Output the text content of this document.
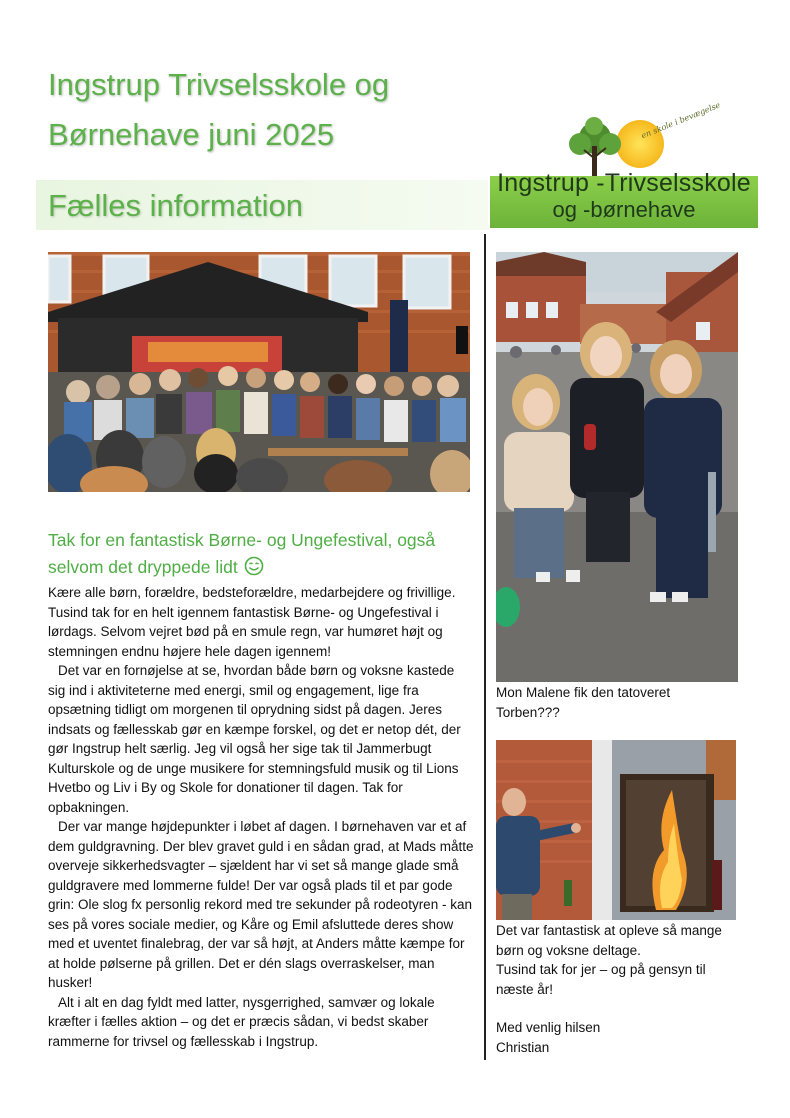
Ingstrup Trivselsskole og
Børnehave juni 2025
Fælles information
en skole i bevægelse
Ingstrup -Trivselsskole
og -børnehave
Tak for en fantastisk Børne- og Ungefestival, også selvom det dryppede lidt

Kære alle børn, forældre, bedsteforældre, medarbejdere og frivillige. Tusind tak for en helt igennem fantastisk Børne- og Ungefestival i lørdags. Selvom vejret bød på en smule regn, var humøret højt og stemningen endnu højere hele dagen igennem!

Det var en fornøjelse at se, hvordan både børn og voksne kastede sig ind i aktiviteterne med energi, smil og engagement, lige fra opsætning tidligt om morgenen til oprydning sidst på dagen. Jeres indsats og fællesskab gør en kæmpe forskel, og det er netop dét, der gør Ingstrup helt særlig. Jeg vil også her sige tak til Jammerbugt Kulturskole og de unge musikere for stemningsfuld musik og til Lions Hvetbo og Liv i By og Skole for donationer til dagen. Tak for opbakningen.

Der var mange højdepunkter i løbet af dagen. I børnehaven var et af dem guldgravning. Der blev gravet guld i en sådan grad, at Mads måtte overveje sikkerhedsvagter – sjældent har vi set så mange glade små guldgravere med lommerne fulde! Der var også plads til et par gode grin: Ole slog fx personlig rekord med tre sekunder på rodeotyren - kan ses på vores sociale medier, og Kåre og Emil afsluttede deres show med et uventet finalebrag, der var så højt, at Anders måtte kæmpe for at holde pølserne på grillen. Det er dén slags overraskelser, man husker!

Alt i alt en dag fyldt med latter, nysgerrighed, samvær og lokale kræfter i fælles aktion – og det er præcis sådan, vi bedst skaber rammerne for trivsel og fællesskab i Ingstrup.

Mon Malene fik den tatoveret
Torben???

Det var fantastisk at opleve så mange
børn og voksne deltage.
Tusind tak for jer – og på gensyn til
næste år!

Med venlig hilsen
Christian
